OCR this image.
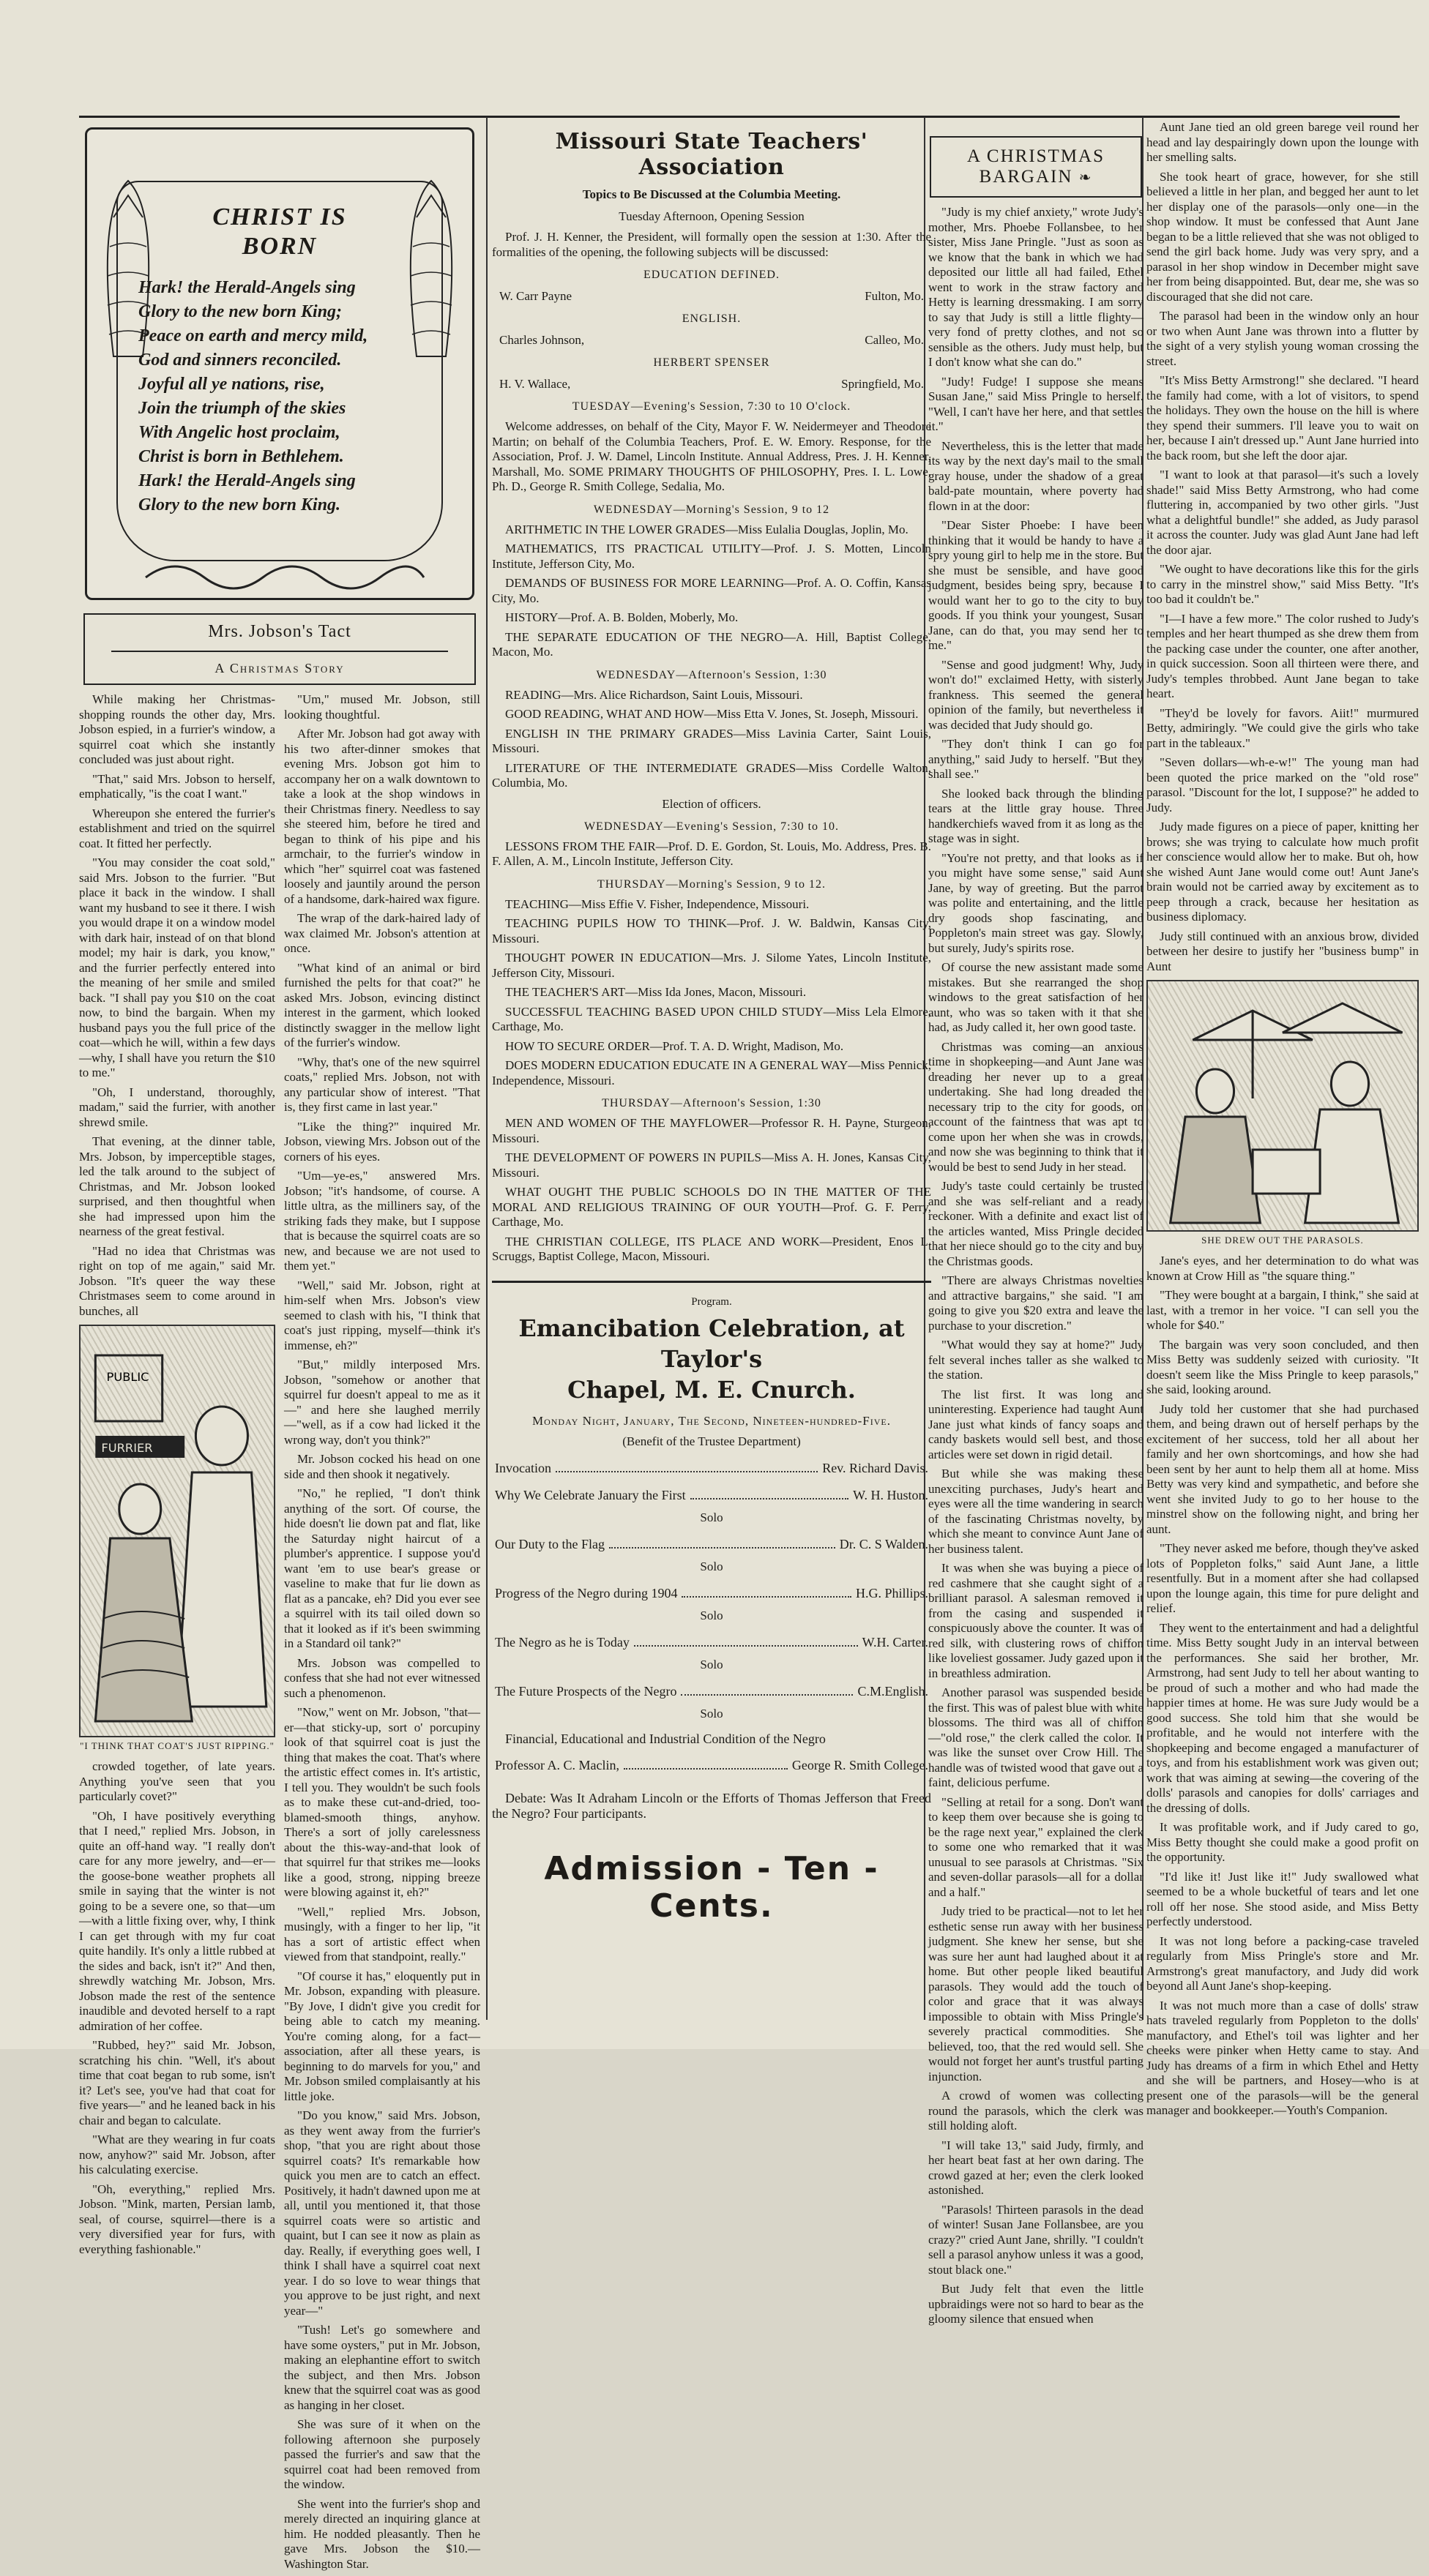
CHRIST IS
BORN
Hark! the Herald-Angels sing
Glory to the new born King;
Peace on earth and mercy mild,
God and sinners reconciled.
Joyful all ye nations, rise,
Join the triumph of the skies
With Angelic host proclaim,
Christ is born in Bethlehem.
Hark! the Herald-Angels sing
Glory to the new born King.
Mrs. Jobson's Tact
A Christmas Story

While making her Christmas-shopping rounds the other day, Mrs. Jobson espied, in a furrier's window, a squirrel coat which she instantly concluded was just about right.

"That," said Mrs. Jobson to herself, emphatically, "is the coat I want."

Whereupon she entered the furrier's establishment and tried on the squirrel coat. It fitted her perfectly.

"You may consider the coat sold," said Mrs. Jobson to the furrier. "But place it back in the window. I shall want my husband to see it there. I wish you would drape it on a window model with dark hair, instead of on that blond model; my hair is dark, you know," and the furrier perfectly entered into the meaning of her smile and smiled back. "I shall pay you $10 on the coat now, to bind the bargain. When my husband pays you the full price of the coat—which he will, within a few days—why, I shall have you return the $10 to me."

"Oh, I understand, thoroughly, madam," said the furrier, with another shrewd smile.

That evening, at the dinner table, Mrs. Jobson, by imperceptible stages, led the talk around to the subject of Christmas, and Mr. Jobson looked surprised, and then thoughtful when she had impressed upon him the nearness of the great festival.

"Had no idea that Christmas was right on top of me again," said Mr. Jobson. "It's queer the way these Christmases seem to come around in bunches, all

PUBLIC
FURRIER
"I THINK THAT COAT'S JUST RIPPING."

crowded together, of late years. Anything you've seen that you particularly covet?"

"Oh, I have positively everything that I need," replied Mrs. Jobson, in quite an off-hand way. "I really don't care for any more jewelry, and—er—the goose-bone weather prophets all smile in saying that the winter is not going to be a severe one, so that—um—with a little fixing over, why, I think I can get through with my fur coat quite handily. It's only a little rubbed at the sides and back, isn't it?" And then, shrewdly watching Mr. Jobson, Mrs. Jobson made the rest of the sentence inaudible and devoted herself to a rapt admiration of her coffee.

"Rubbed, hey?" said Mr. Jobson, scratching his chin. "Well, it's about time that coat began to rub some, isn't it? Let's see, you've had that coat for five years—" and he leaned back in his chair and began to calculate.

"What are they wearing in fur coats now, anyhow?" said Mr. Jobson, after his calculating exercise.

"Oh, everything," replied Mrs. Jobson. "Mink, marten, Persian lamb, seal, of course, squirrel—there is a very diversified year for furs, with everything fashionable."

"Um," mused Mr. Jobson, still looking thoughtful.

After Mr. Jobson had got away with his two after-dinner smokes that evening Mrs. Jobson got him to accompany her on a walk downtown to take a look at the shop windows in their Christmas finery. Needless to say she steered him, before he tired and began to think of his pipe and his armchair, to the furrier's window in which "her" squirrel coat was fastened loosely and jauntily around the person of a handsome, dark-haired wax figure.

The wrap of the dark-haired lady of wax claimed Mr. Jobson's attention at once.

"What kind of an animal or bird furnished the pelts for that coat?" he asked Mrs. Jobson, evincing distinct interest in the garment, which looked distinctly swagger in the mellow light of the furrier's window.

"Why, that's one of the new squirrel coats," replied Mrs. Jobson, not with any particular show of interest. "That is, they first came in last year."

"Like the thing?" inquired Mr. Jobson, viewing Mrs. Jobson out of the corners of his eyes.

"Um—ye-es," answered Mrs. Jobson; "it's handsome, of course. A little ultra, as the milliners say, of the striking fads they make, but I suppose that is because the squirrel coats are so new, and because we are not used to them yet."

"Well," said Mr. Jobson, right at him-self when Mrs. Jobson's view seemed to clash with his, "I think that coat's just ripping, myself—think it's immense, eh?"

"But," mildly interposed Mrs. Jobson, "somehow or another that squirrel fur doesn't appeal to me as it—" and here she laughed merrily—"well, as if a cow had licked it the wrong way, don't you think?"

Mr. Jobson cocked his head on one side and then shook it negatively.

"No," he replied, "I don't think anything of the sort. Of course, the hide doesn't lie down pat and flat, like the Saturday night haircut of a plumber's apprentice. I suppose you'd want 'em to use bear's grease or vaseline to make that fur lie down as flat as a pancake, eh? Did you ever see a squirrel with its tail oiled down so that it looked as if it's been swimming in a Standard oil tank?"

Mrs. Jobson was compelled to confess that she had not ever witnessed such a phenomenon.

"Now," went on Mr. Jobson, "that—er—that sticky-up, sort o' porcupiny look of that squirrel coat is just the thing that makes the coat. That's where the artistic effect comes in. It's artistic, I tell you. They wouldn't be such fools as to make these cut-and-dried, too-blamed-smooth things, anyhow. There's a sort of jolly carelessness about the this-way-and-that look of that squirrel fur that strikes me—looks like a good, strong, nipping breeze were blowing against it, eh?"

"Well," replied Mrs. Jobson, musingly, with a finger to her lip, "it has a sort of artistic effect when viewed from that standpoint, really."

"Of course it has," eloquently put in Mr. Jobson, expanding with pleasure. "By Jove, I didn't give you credit for being able to catch my meaning. You're coming along, for a fact—association, after all these years, is beginning to do marvels for you," and Mr. Jobson smiled complaisantly at his little joke.

"Do you know," said Mrs. Jobson, as they went away from the furrier's shop, "that you are right about those squirrel coats? It's remarkable how quick you men are to catch an effect. Positively, it hadn't dawned upon me at all, until you mentioned it, that those squirrel coats were so artistic and quaint, but I can see it now as plain as day. Really, if everything goes well, I think I shall have a squirrel coat next year. I do so love to wear things that you approve to be just right, and next year—"

"Tush! Let's go somewhere and have some oysters," put in Mr. Jobson, making an elephantine effort to switch the subject, and then Mrs. Jobson knew that the squirrel coat was as good as hanging in her closet.

She was sure of it when on the following afternoon she purposely passed the furrier's and saw that the squirrel coat had been removed from the window.

She went into the furrier's shop and merely directed an inquiring glance at him. He nodded pleasantly. Then he gave Mrs. Jobson the $10.—Washington Star.

Missouri State Teachers' Association
Topics to Be Discussed at the Columbia Meeting.
Tuesday Afternoon, Opening Session

Prof. J. H. Kenner, the President, will formally open the session at 1:30. After the formalities of the opening, the following subjects will be discussed:

EDUCATION DEFINED.
W. Carr Payne	Fulton, Mo.
ENGLISH.
Charles Johnson,	Calleo, Mo.
HERBERT SPENSER
H. V. Wallace,	Springfield, Mo.
TUESDAY—Evening's Session, 7:30 to 10 O'clock.

Welcome addresses, on behalf of the City, Mayor F. W. Neidermeyer and Theodore Martin; on behalf of the Columbia Teachers, Prof. E. W. Emory. Response, for the Association, Prof. J. W. Damel, Lincoln Institute. Annual Address, Pres. J. H. Kenner, Marshall, Mo. SOME PRIMARY THOUGHTS OF PHILOSOPHY, Pres. I. L. Lowe, Ph. D., George R. Smith College, Sedalia, Mo.

WEDNESDAY—Morning's Session, 9 to 12

ARITHMETIC IN THE LOWER GRADES—Miss Eulalia Douglas, Joplin, Mo.

MATHEMATICS, ITS PRACTICAL UTILITY—Prof. J. S. Motten, Lincoln Institute, Jefferson City, Mo.

DEMANDS OF BUSINESS FOR MORE LEARNING—Prof. A. O. Coffin, Kansas City, Mo.

HISTORY—Prof. A. B. Bolden, Moberly, Mo.

THE SEPARATE EDUCATION OF THE NEGRO—A. Hill, Baptist College, Macon, Mo.

WEDNESDAY—Afternoon's Session, 1:30

READING—Mrs. Alice Richardson, Saint Louis, Missouri.

GOOD READING, WHAT AND HOW—Miss Etta V. Jones, St. Joseph, Missouri.

ENGLISH IN THE PRIMARY GRADES—Miss Lavinia Carter, Saint Louis, Missouri.

LITERATURE OF THE INTERMEDIATE GRADES—Miss Cordelle Walton, Columbia, Mo.

Election of officers.
WEDNESDAY—Evening's Session, 7:30 to 10.

LESSONS FROM THE FAIR—Prof. D. E. Gordon, St. Louis, Mo. Address, Pres. B. F. Allen, A. M., Lincoln Institute, Jefferson City.

THURSDAY—Morning's Session, 9 to 12.

TEACHING—Miss Effie V. Fisher, Independence, Missouri.

TEACHING PUPILS HOW TO THINK—Prof. J. W. Baldwin, Kansas City, Missouri.

THOUGHT POWER IN EDUCATION—Mrs. J. Silome Yates, Lincoln Institute, Jefferson City, Missouri.

THE TEACHER'S ART—Miss Ida Jones, Macon, Missouri.

SUCCESSFUL TEACHING BASED UPON CHILD STUDY—Miss Lela Elmore, Carthage, Mo.

HOW TO SECURE ORDER—Prof. T. A. D. Wright, Madison, Mo.

DOES MODERN EDUCATION EDUCATE IN A GENERAL WAY—Miss Pennick, Independence, Missouri.

THURSDAY—Afternoon's Session, 1:30

MEN AND WOMEN OF THE MAYFLOWER—Professor R. H. Payne, Sturgeon, Missouri.

THE DEVELOPMENT OF POWERS IN PUPILS—Miss A. H. Jones, Kansas City, Missouri.

WHAT OUGHT THE PUBLIC SCHOOLS DO IN THE MATTER OF THE MORAL AND RELIGIOUS TRAINING OF OUR YOUTH—Prof. G. F. Perry, Carthage, Mo.

THE CHRISTIAN COLLEGE, ITS PLACE AND WORK—President, Enos L. Scruggs, Baptist College, Macon, Missouri.

Program.
Emancibation Celebration, at Taylor's
Chapel, M. E. Cnurch.
Monday Night, January, The Second, Nineteen-hundred-Five.
(Benefit of the Trustee Department)
Invocation	Rev. Richard Davis.
Why We Celebrate January the First	W. H. Huston.
Solo
Our Duty to the Flag	Dr. C. S Walden.
Solo
Progress of the Negro during 1904	H.G. Phillips.
Solo
The Negro as he is Today	W.H. Carter.
Solo
The Future Prospects of the Negro	C.M.English.
Solo

Financial, Educational and Industrial Condition of the Negro

Professor A. C. Maclin,	George R. Smith College.

Debate: Was It Adraham Lincoln or the Efforts of Thomas Jefferson that Freed the Negro? Four participants.

Admission - Ten - Cents.
A CHRISTMAS
BARGAIN ❧

"Judy is my chief anxiety," wrote Judy's mother, Mrs. Phoebe Follansbee, to her sister, Miss Jane Pringle. "Just as soon as we know that the bank in which we had deposited our little all had failed, Ethel went to work in the straw factory and Hetty is learning dressmaking. I am sorry to say that Judy is still a little flighty—very fond of pretty clothes, and not so sensible as the others. Judy must help, but I don't know what she can do."

"Judy! Fudge! I suppose she means Susan Jane," said Miss Pringle to herself. "Well, I can't have her here, and that settles it."

Nevertheless, this is the letter that made its way by the next day's mail to the small gray house, under the shadow of a great bald-pate mountain, where poverty had flown in at the door:

"Dear Sister Phoebe: I have been thinking that it would be handy to have a spry young girl to help me in the store. But she must be sensible, and have good judgment, besides being spry, because I would want her to go to the city to buy goods. If you think your youngest, Susan Jane, can do that, you may send her to me."

"Sense and good judgment! Why, Judy won't do!" exclaimed Hetty, with sisterly frankness. This seemed the general opinion of the family, but nevertheless it was decided that Judy should go.

"They don't think I can go for anything," said Judy to herself. "But they shall see."

She looked back through the blinding tears at the little gray house. Three handkerchiefs waved from it as long as the stage was in sight.

"You're not pretty, and that looks as if you might have some sense," said Aunt Jane, by way of greeting. But the parrot was polite and entertaining, and the little dry goods shop fascinating, and Poppleton's main street was gay. Slowly, but surely, Judy's spirits rose.

Of course the new assistant made some mistakes. But she rearranged the shop windows to the great satisfaction of her aunt, who was so taken with it that she had, as Judy called it, her own good taste.

Christmas was coming—an anxious time in shopkeeping—and Aunt Jane was dreading her never up to a great undertaking. She had long dreaded the necessary trip to the city for goods, on account of the faintness that was apt to come upon her when she was in crowds, and now she was beginning to think that it would be best to send Judy in her stead.

Judy's taste could certainly be trusted and she was self-reliant and a ready reckoner. With a definite and exact list of the articles wanted, Miss Pringle decided that her niece should go to the city and buy the Christmas goods.

"There are always Christmas novelties and attractive bargains," she said. "I am going to give you $20 extra and leave the purchase to your discretion."

"What would they say at home?" Judy felt several inches taller as she walked to the station.

The list first. It was long and uninteresting. Experience had taught Aunt Jane just what kinds of fancy soaps and candy baskets would sell best, and those articles were set down in rigid detail.

But while she was making these unexciting purchases, Judy's heart and eyes were all the time wandering in search of the fascinating Christmas novelty, by which she meant to convince Aunt Jane of her business talent.

It was when she was buying a piece of red cashmere that she caught sight of a brilliant parasol. A salesman removed it from the casing and suspended it conspicuously above the counter. It was of red silk, with clustering rows of chiffon like loveliest gossamer. Judy gazed upon it in breathless admiration.

Another parasol was suspended beside the first. This was of palest blue with white blossoms. The third was all of chiffon—"old rose," the clerk called the color. It was like the sunset over Crow Hill. The handle was of twisted wood that gave out a faint, delicious perfume.

"Selling at retail for a song. Don't want to keep them over because she is going to be the rage next year," explained the clerk to some one who remarked that it was unusual to see parasols at Christmas. "Six and seven-dollar parasols—all for a dollar and a half."

Judy tried to be practical—not to let her esthetic sense run away with her business judgment. She knew her sense, but she was sure her aunt had laughed about it at home. But other people liked beautiful parasols. They would add the touch of color and grace that it was always impossible to obtain with Miss Pringle's severely practical commodities. She believed, too, that the red would sell. She would not forget her aunt's trustful parting injunction.

A crowd of women was collecting round the parasols, which the clerk was still holding aloft.

"I will take 13," said Judy, firmly, and her heart beat fast at her own daring. The crowd gazed at her; even the clerk looked astonished.

"Parasols! Thirteen parasols in the dead of winter! Susan Jane Follansbee, are you crazy?" cried Aunt Jane, shrilly. "I couldn't sell a parasol anyhow unless it was a good, stout black one."

But Judy felt that even the little upbraidings were not so hard to bear as the gloomy silence that ensued when

Aunt Jane tied an old green barege veil round her head and lay despairingly down upon the lounge with her smelling salts.

She took heart of grace, however, for she still believed a little in her plan, and begged her aunt to let her display one of the parasols—only one—in the shop window. It must be confessed that Aunt Jane began to be a little relieved that she was not obliged to send the girl back home. Judy was very spry, and a parasol in her shop window in December might save her from being disappointed. But, dear me, she was so discouraged that she did not care.

The parasol had been in the window only an hour or two when Aunt Jane was thrown into a flutter by the sight of a very stylish young woman crossing the street.

"It's Miss Betty Armstrong!" she declared. "I heard the family had come, with a lot of visitors, to spend the holidays. They own the house on the hill is where they spend their summers. I'll leave you to wait on her, because I ain't dressed up." Aunt Jane hurried into the back room, but she left the door ajar.

"I want to look at that parasol—it's such a lovely shade!" said Miss Betty Armstrong, who had come fluttering in, accompanied by two other girls. "Just what a delightful bundle!" she added, as Judy parasol it across the counter. Judy was glad Aunt Jane had left the door ajar.

"We ought to have decorations like this for the girls to carry in the minstrel show," said Miss Betty. "It's too bad it couldn't be."

"I—I have a few more." The color rushed to Judy's temples and her heart thumped as she drew them from the packing case under the counter, one after another, in quick succession. Soon all thirteen were there, and Judy's temples throbbed. Aunt Jane began to take heart.

"They'd be lovely for favors. Aiit!" murmured Betty, admiringly. "We could give the girls who take part in the tableaux."

"Seven dollars—wh-e-w!" The young man had been quoted the price marked on the "old rose" parasol. "Discount for the lot, I suppose?" he added to Judy.

Judy made figures on a piece of paper, knitting her brows; she was trying to calculate how much profit her conscience would allow her to make. But oh, how she wished Aunt Jane would come out! Aunt Jane's brain would not be carried away by excitement as to peep through a crack, because her hesitation as business diplomacy.

Judy still continued with an anxious brow, divided between her desire to justify her "business bump" in Aunt

SHE DREW OUT THE PARASOLS.

Jane's eyes, and her determination to do what was known at Crow Hill as "the square thing."

"They were bought at a bargain, I think," she said at last, with a tremor in her voice. "I can sell you the whole for $40."

The bargain was very soon concluded, and then Miss Betty was suddenly seized with curiosity. "It doesn't seem like the Miss Pringle to keep parasols," she said, looking around.

Judy told her customer that she had purchased them, and being drawn out of herself perhaps by the excitement of her success, told her all about her family and her own shortcomings, and how she had been sent by her aunt to help them all at home. Miss Betty was very kind and sympathetic, and before she went she invited Judy to go to her house to the minstrel show on the following night, and bring her aunt.

"They never asked me before, though they've asked lots of Poppleton folks," said Aunt Jane, a little resentfully. But in a moment after she had collapsed upon the lounge again, this time for pure delight and relief.

They went to the entertainment and had a delightful time. Miss Betty sought Judy in an interval between the performances. She said her brother, Mr. Armstrong, had sent Judy to tell her about wanting to be proud of such a mother and who had made the happier times at home. He was sure Judy would be a good success. She told him that she would be profitable, and he would not interfere with the shopkeeping and become engaged a manufacturer of toys, and from his establishment work was given out; work that was aiming at sewing—the covering of the dolls' parasols and canopies for dolls' carriages and the dressing of dolls.

It was profitable work, and if Judy cared to go, Miss Betty thought she could make a good profit on the opportunity.

"I'd like it! Just like it!" Judy swallowed what seemed to be a whole bucketful of tears and let one roll off her nose. She stood aside, and Miss Betty perfectly understood.

It was not long before a packing-case traveled regularly from Miss Pringle's store and Mr. Armstrong's great manufactory, and Judy did work beyond all Aunt Jane's shop-keeping.

It was not much more than a case of dolls' straw hats traveled regularly from Poppleton to the dolls' manufactory, and Ethel's toil was lighter and her cheeks were pinker when Hetty came to stay. And Judy has dreams of a firm in which Ethel and Hetty and she will be partners, and Hosey—who is at present one of the parasols—will be the general manager and bookkeeper.—Youth's Companion.
